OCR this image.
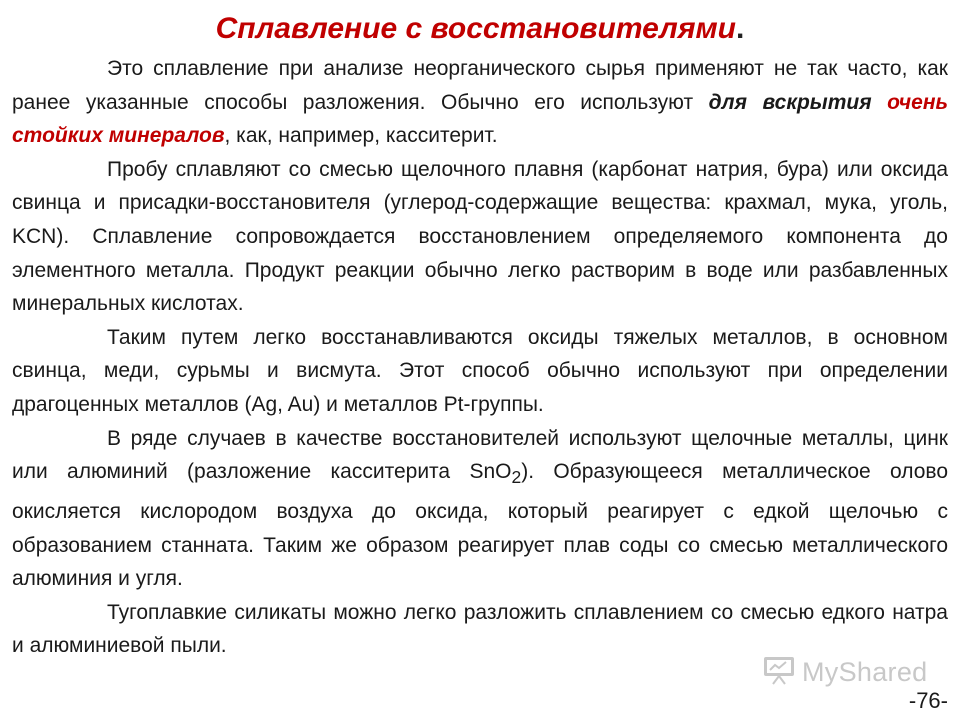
Сплавление с восстановителями.

Это сплавление при анализе неорганического сырья применяют не так часто, как ранее указанные способы разложения. Обычно его используют для вскрытия очень стойких минералов, как, например, касситерит.

Пробу сплавляют со смесью щелочного плавня (карбонат натрия, бура) или оксида свинца и присадки-восстановителя (углерод-содержащие вещества: крахмал, мука, уголь, KCN). Сплавление сопровождается восстановлением определяемого компонента до элементного металла. Продукт реакции обычно легко растворим в воде или разбавленных минеральных кислотах.

Таким путем легко восстанавливаются оксиды тяжелых металлов, в основном свинца, меди, сурьмы и висмута. Этот способ обычно используют при определении драгоценных металлов (Ag, Au) и металлов Pt-группы.

В ряде случаев в качестве восстановителей используют щелочные металлы, цинк или алюминий (разложение касситерита SnO$_2$). Образующееся металлическое олово окисляется кислородом воздуха до оксида, который реагирует с едкой щелочью с образованием станната. Таким же образом реагирует плав соды со смесью металлического алюминия и угля.

Тугоплавкие силикаты можно легко разложить сплавлением со смесью едкого натра и алюминиевой пыли.

MyShared
-76-
